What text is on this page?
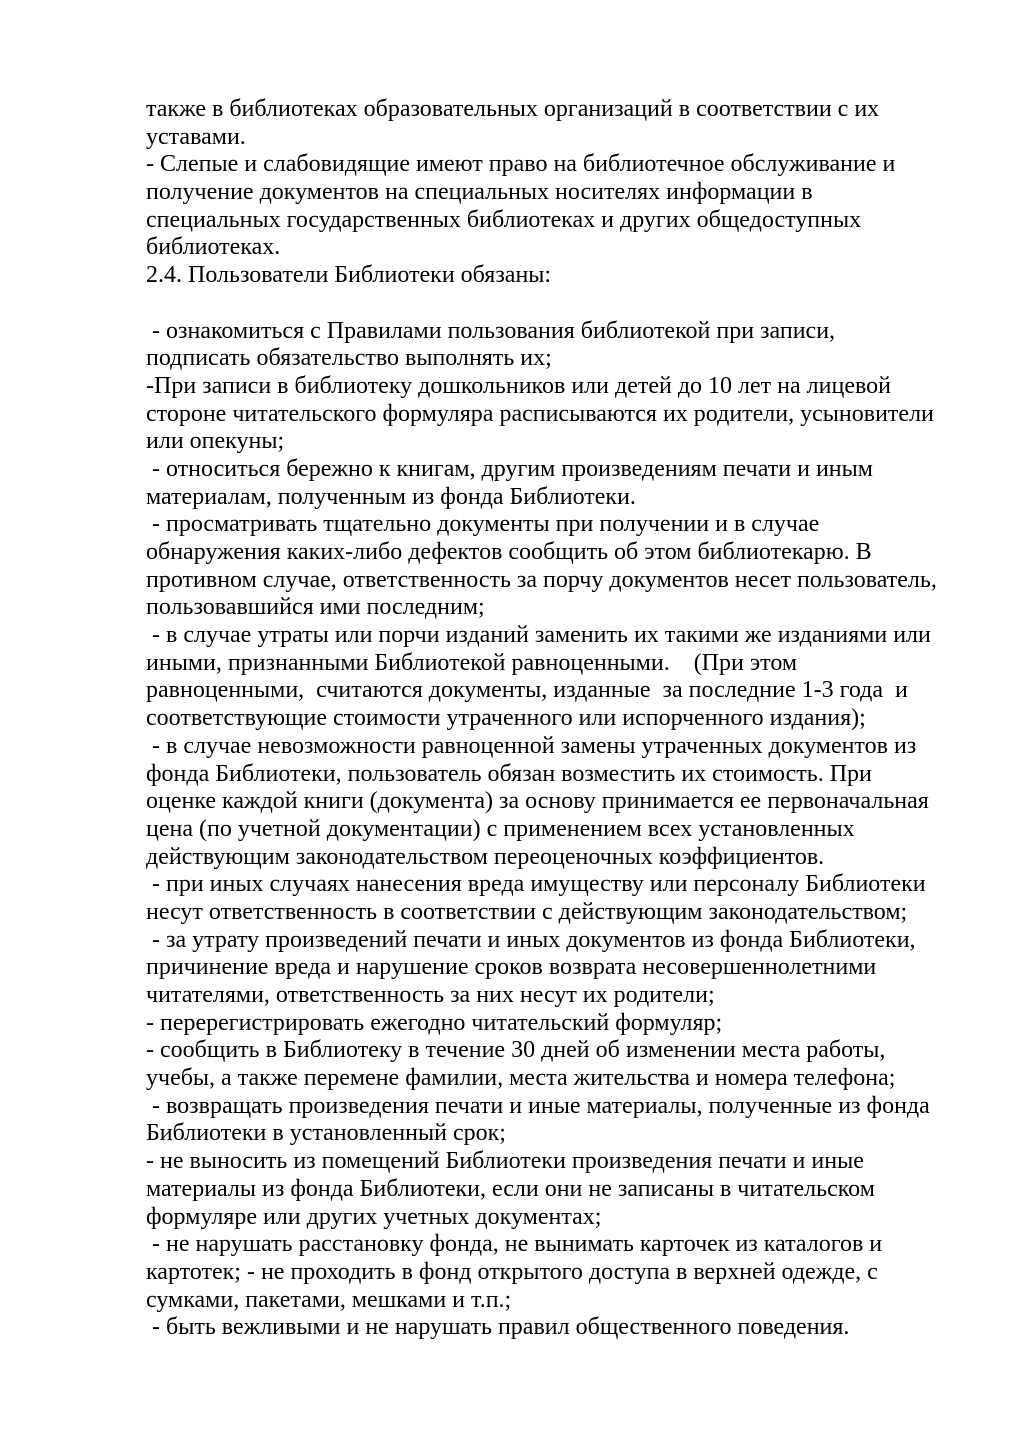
также в библиотеках образовательных организаций в соответствии с их
уставами.
- Слепые и слабовидящие имеют право на библиотечное обслуживание и
получение документов на специальных носителях информации в
специальных государственных библиотеках и других общедоступных
библиотеках.
2.4. Пользователи Библиотеки обязаны:
- ознакомиться с Правилами пользования библиотекой при записи,
подписать обязательство выполнять их;
-При записи в библиотеку дошкольников или детей до 10 лет на лицевой
стороне читательского формуляра расписываются их родители, усыновители
или опекуны;
- относиться бережно к книгам, другим произведениям печати и иным
материалам, полученным из фонда Библиотеки.
- просматривать тщательно документы при получении и в случае
обнаружения каких-либо дефектов сообщить об этом библиотекарю. В
противном случае, ответственность за порчу документов несет пользователь,
пользовавшийся ими последним;
- в случае утраты или порчи изданий заменить их такими же изданиями или
иными, признанными Библиотекой равноценными.    (При этом
равноценными,  считаются документы, изданные  за последние 1-3 года  и
соответствующие стоимости утраченного или испорченного издания);
- в случае невозможности равноценной замены утраченных документов из
фонда Библиотеки, пользователь обязан возместить их стоимость. При
оценке каждой книги (документа) за основу принимается ее первоначальная
цена (по учетной документации) с применением всех установленных
действующим законодательством переоценочных коэффициентов.
- при иных случаях нанесения вреда имуществу или персоналу Библиотеки
несут ответственность в соответствии с действующим законодательством;
- за утрату произведений печати и иных документов из фонда Библиотеки,
причинение вреда и нарушение сроков возврата несовершеннолетними
читателями, ответственность за них несут их родители;
- перерегистрировать ежегодно читательский формуляр;
- сообщить в Библиотеку в течение 30 дней об изменении места работы,
учебы, а также перемене фамилии, места жительства и номера телефона;
- возвращать произведения печати и иные материалы, полученные из фонда
Библиотеки в установленный срок;
- не выносить из помещений Библиотеки произведения печати и иные
материалы из фонда Библиотеки, если они не записаны в читательском
формуляре или других учетных документах;
- не нарушать расстановку фонда, не вынимать карточек из каталогов и
картотек; - не проходить в фонд открытого доступа в верхней одежде, с
сумками, пакетами, мешками и т.п.;
- быть вежливыми и не нарушать правил общественного поведения.
